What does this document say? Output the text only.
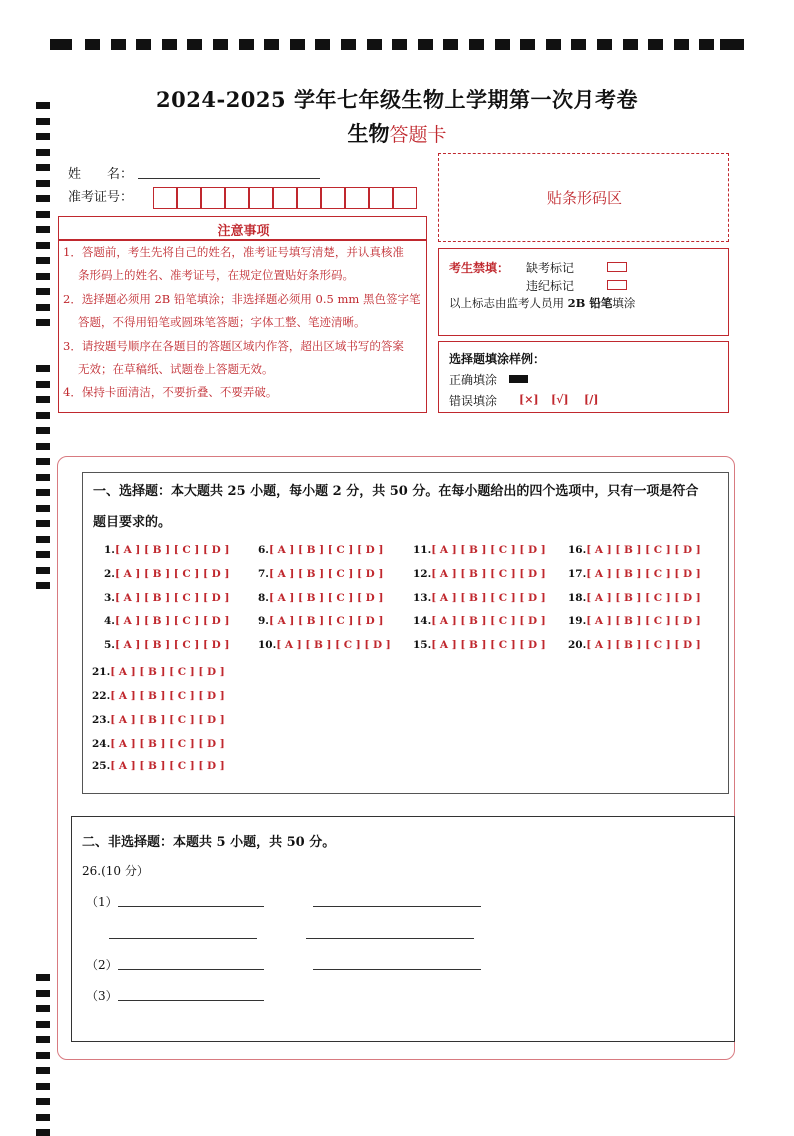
2024-2025 学年七年级生物上学期第一次月考卷
生物答题卡
姓　　名：
准考证号：	贴条形码区
注意事项
1．答题前，考生先将自己的姓名，准考证号填写清楚，并认真核准
条形码上的姓名、准考证号，在规定位置贴好条形码。
2．选择题必须用 2B 铅笔填涂；非选择题必须用 0.5 mm 黑色签字笔
答题，不得用铅笔或圆珠笔答题；字体工整、笔迹清晰。
3．请按题号顺序在各题目的答题区域内作答，超出区域书写的答案
无效；在草稿纸、试题卷上答题无效。
4．保持卡面清洁，不要折叠、不要弄破。
考生禁填： 缺考标记
违纪标记
以上标志由监考人员用 2B 铅笔填涂
选择题填涂样例：
正确填涂
错误填涂 [×] [√] [/]
一、选择题：本大题共 25 小题，每小题 2 分，共 50 分。在每小题给出的四个选项中，只有一项是符合
题目要求的。
1.[ A ] [ B ] [ C ] [ D ]
2.[ A ] [ B ] [ C ] [ D ]
3.[ A ] [ B ] [ C ] [ D ]
4.[ A ] [ B ] [ C ] [ D ]
5.[ A ] [ B ] [ C ] [ D ]
6.[ A ] [ B ] [ C ] [ D ]
7.[ A ] [ B ] [ C ] [ D ]
8.[ A ] [ B ] [ C ] [ D ]
9.[ A ] [ B ] [ C ] [ D ]
10.[ A ] [ B ] [ C ] [ D ]
11.[ A ] [ B ] [ C ] [ D ]
12.[ A ] [ B ] [ C ] [ D ]
13.[ A ] [ B ] [ C ] [ D ]
14.[ A ] [ B ] [ C ] [ D ]
15.[ A ] [ B ] [ C ] [ D ]
16.[ A ] [ B ] [ C ] [ D ]
17.[ A ] [ B ] [ C ] [ D ]
18.[ A ] [ B ] [ C ] [ D ]
19.[ A ] [ B ] [ C ] [ D ]
20.[ A ] [ B ] [ C ] [ D ]
21.[ A ] [ B ] [ C ] [ D ]
22.[ A ] [ B ] [ C ] [ D ]
23.[ A ] [ B ] [ C ] [ D ]
24.[ A ] [ B ] [ C ] [ D ]
25.[ A ] [ B ] [ C ] [ D ]
二、非选择题：本题共 5 小题，共 50 分。
26.(10 分）
（1）
（2）
（3）
